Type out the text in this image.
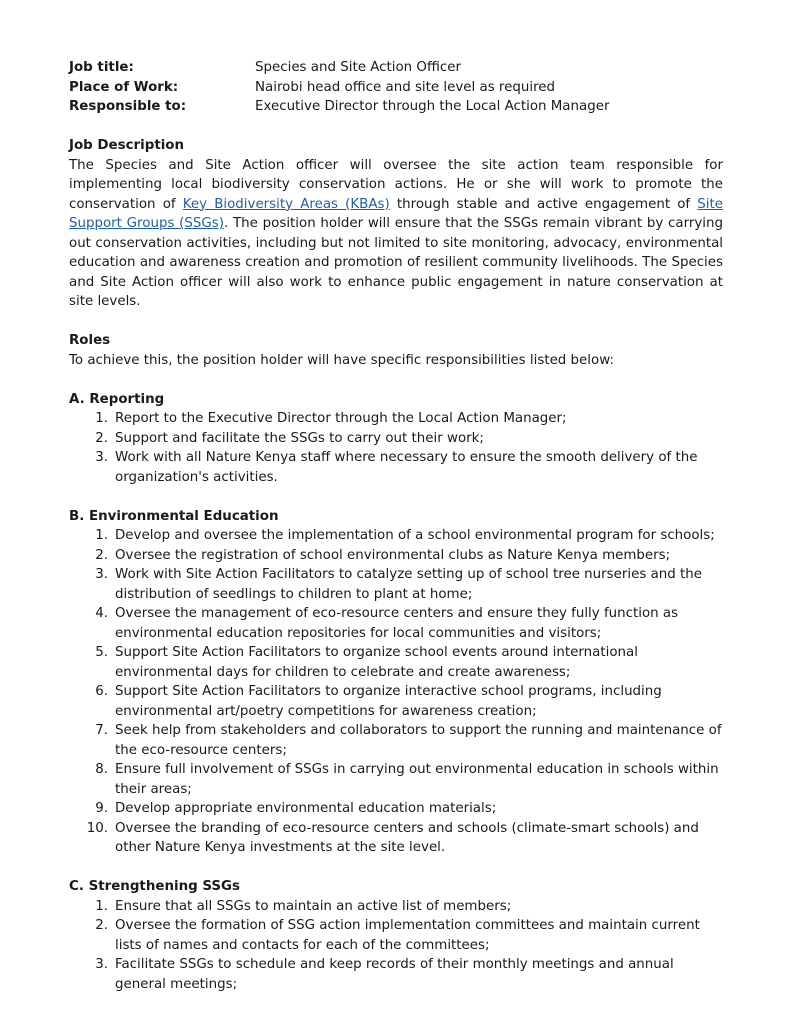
Job title:	Species and Site Action Officer
Place of Work:	Nairobi head office and site level as required
Responsible to:	Executive Director through the Local Action Manager
Job Description
The Species and Site Action officer will oversee the site action team responsible for implementing local biodiversity conservation actions. He or she will work to promote the conservation of Key Biodiversity Areas (KBAs) through stable and active engagement of Site Support Groups (SSGs). The position holder will ensure that the SSGs remain vibrant by carrying out conservation activities, including but not limited to site monitoring, advocacy, environmental education and awareness creation and promotion of resilient community livelihoods. The Species and Site Action officer will also work to enhance public engagement in nature conservation at site levels.
Roles
To achieve this, the position holder will have specific responsibilities listed below:
A. Reporting
1. Report to the Executive Director through the Local Action Manager;
2. Support and facilitate the SSGs to carry out their work;
3. Work with all Nature Kenya staff where necessary to ensure the smooth delivery of the organization's activities.
B. Environmental Education
1. Develop and oversee the implementation of a school environmental program for schools;
2. Oversee the registration of school environmental clubs as Nature Kenya members;
3. Work with Site Action Facilitators to catalyze setting up of school tree nurseries and the distribution of seedlings to children to plant at home;
4. Oversee the management of eco-resource centers and ensure they fully function as environmental education repositories for local communities and visitors;
5. Support Site Action Facilitators to organize school events around international environmental days for children to celebrate and create awareness;
6. Support Site Action Facilitators to organize interactive school programs, including environmental art/poetry competitions for awareness creation;
7. Seek help from stakeholders and collaborators to support the running and maintenance of the eco-resource centers;
8. Ensure full involvement of SSGs in carrying out environmental education in schools within their areas;
9. Develop appropriate environmental education materials;
10. Oversee the branding of eco-resource centers and schools (climate-smart schools) and other Nature Kenya investments at the site level.
C. Strengthening SSGs
1. Ensure that all SSGs to maintain an active list of members;
2. Oversee the formation of SSG action implementation committees and maintain current lists of names and contacts for each of the committees;
3. Facilitate SSGs to schedule and keep records of their monthly meetings and annual general meetings;
